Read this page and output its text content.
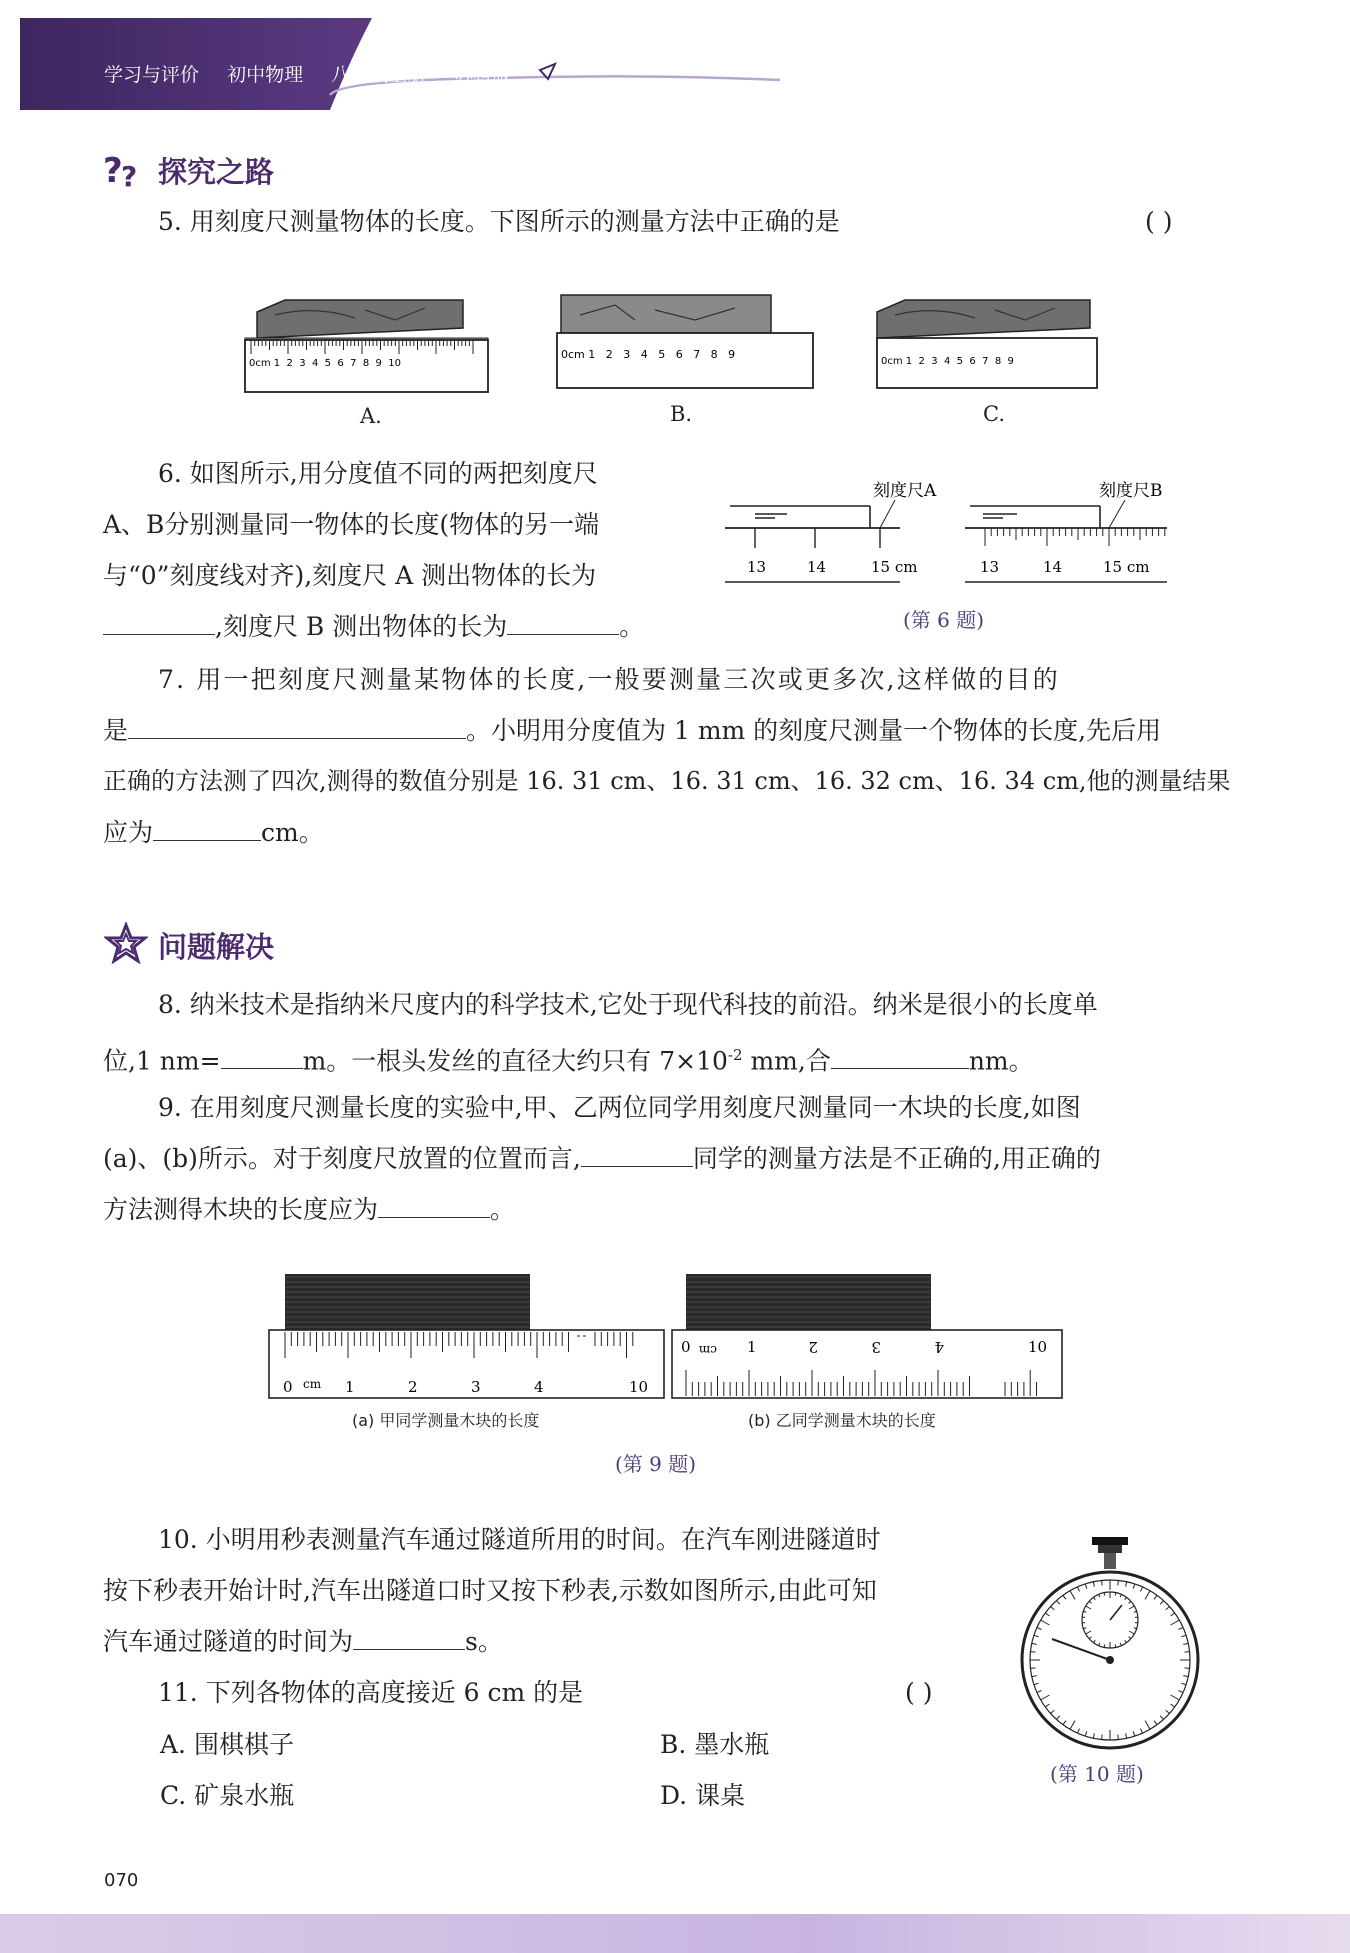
学习与评价 初中物理 八年级上册 苏科版
?
? 探究之路
5. 用刻度尺测量物体的长度。下图所示的测量方法中正确的是	( )
0cm 1  2  3  4  5  6  7  8  9  10
0cm 1   2   3   4   5   6   7   8   9
0cm 1  2  3  4  5  6  7  8  9
A.	B.	C.
6. 如图所示,用分度值不同的两把刻度尺
A、B分别测量同一物体的长度(物体的另一端
与“0”刻度线对齐),刻度尺 A 测出物体的长为
,刻度尺 B 测出物体的长为	。
刻度尺A
13	14	15 cm
刻度尺B
13	14	15 cm
(第 6 题)
7. 用一把刻度尺测量某物体的长度,一般要测量三次或更多次,这样做的目的
是	。小明用分度值为 1 mm 的刻度尺测量一个物体的长度,先后用
正确的方法测了四次,测得的数值分别是 16. 31 cm、16. 31 cm、16. 32 cm、16. 34 cm,他的测量结果
应为	cm。
问题解决
8. 纳米技术是指纳米尺度内的科学技术,它处于现代科技的前沿。纳米是很小的长度单
位,1 nm=	m。一根头发丝的直径大约只有 $7\times 10^{-2}$ mm,合	nm。
9. 在用刻度尺测量长度的实验中,甲、乙两位同学用刻度尺测量同一木块的长度,如图
(a)、(b)所示。对于刻度尺放置的位置而言,	同学的测量方法是不正确的,用正确的
方法测得木块的长度应为	。
0 cm 1	2	3	4	10
0 cm 1	2	3	4	10
(a) 甲同学测量木块的长度	(b) 乙同学测量木块的长度
(第 9 题)
10. 小明用秒表测量汽车通过隧道所用的时间。在汽车刚进隧道时
按下秒表开始计时,汽车出隧道口时又按下秒表,示数如图所示,由此可知
汽车通过隧道的时间为	s。
(第 10 题)
11. 下列各物体的高度接近 6 cm 的是	( )
A. 围棋棋子	B. 墨水瓶
C. 矿泉水瓶	D. 课桌
070
